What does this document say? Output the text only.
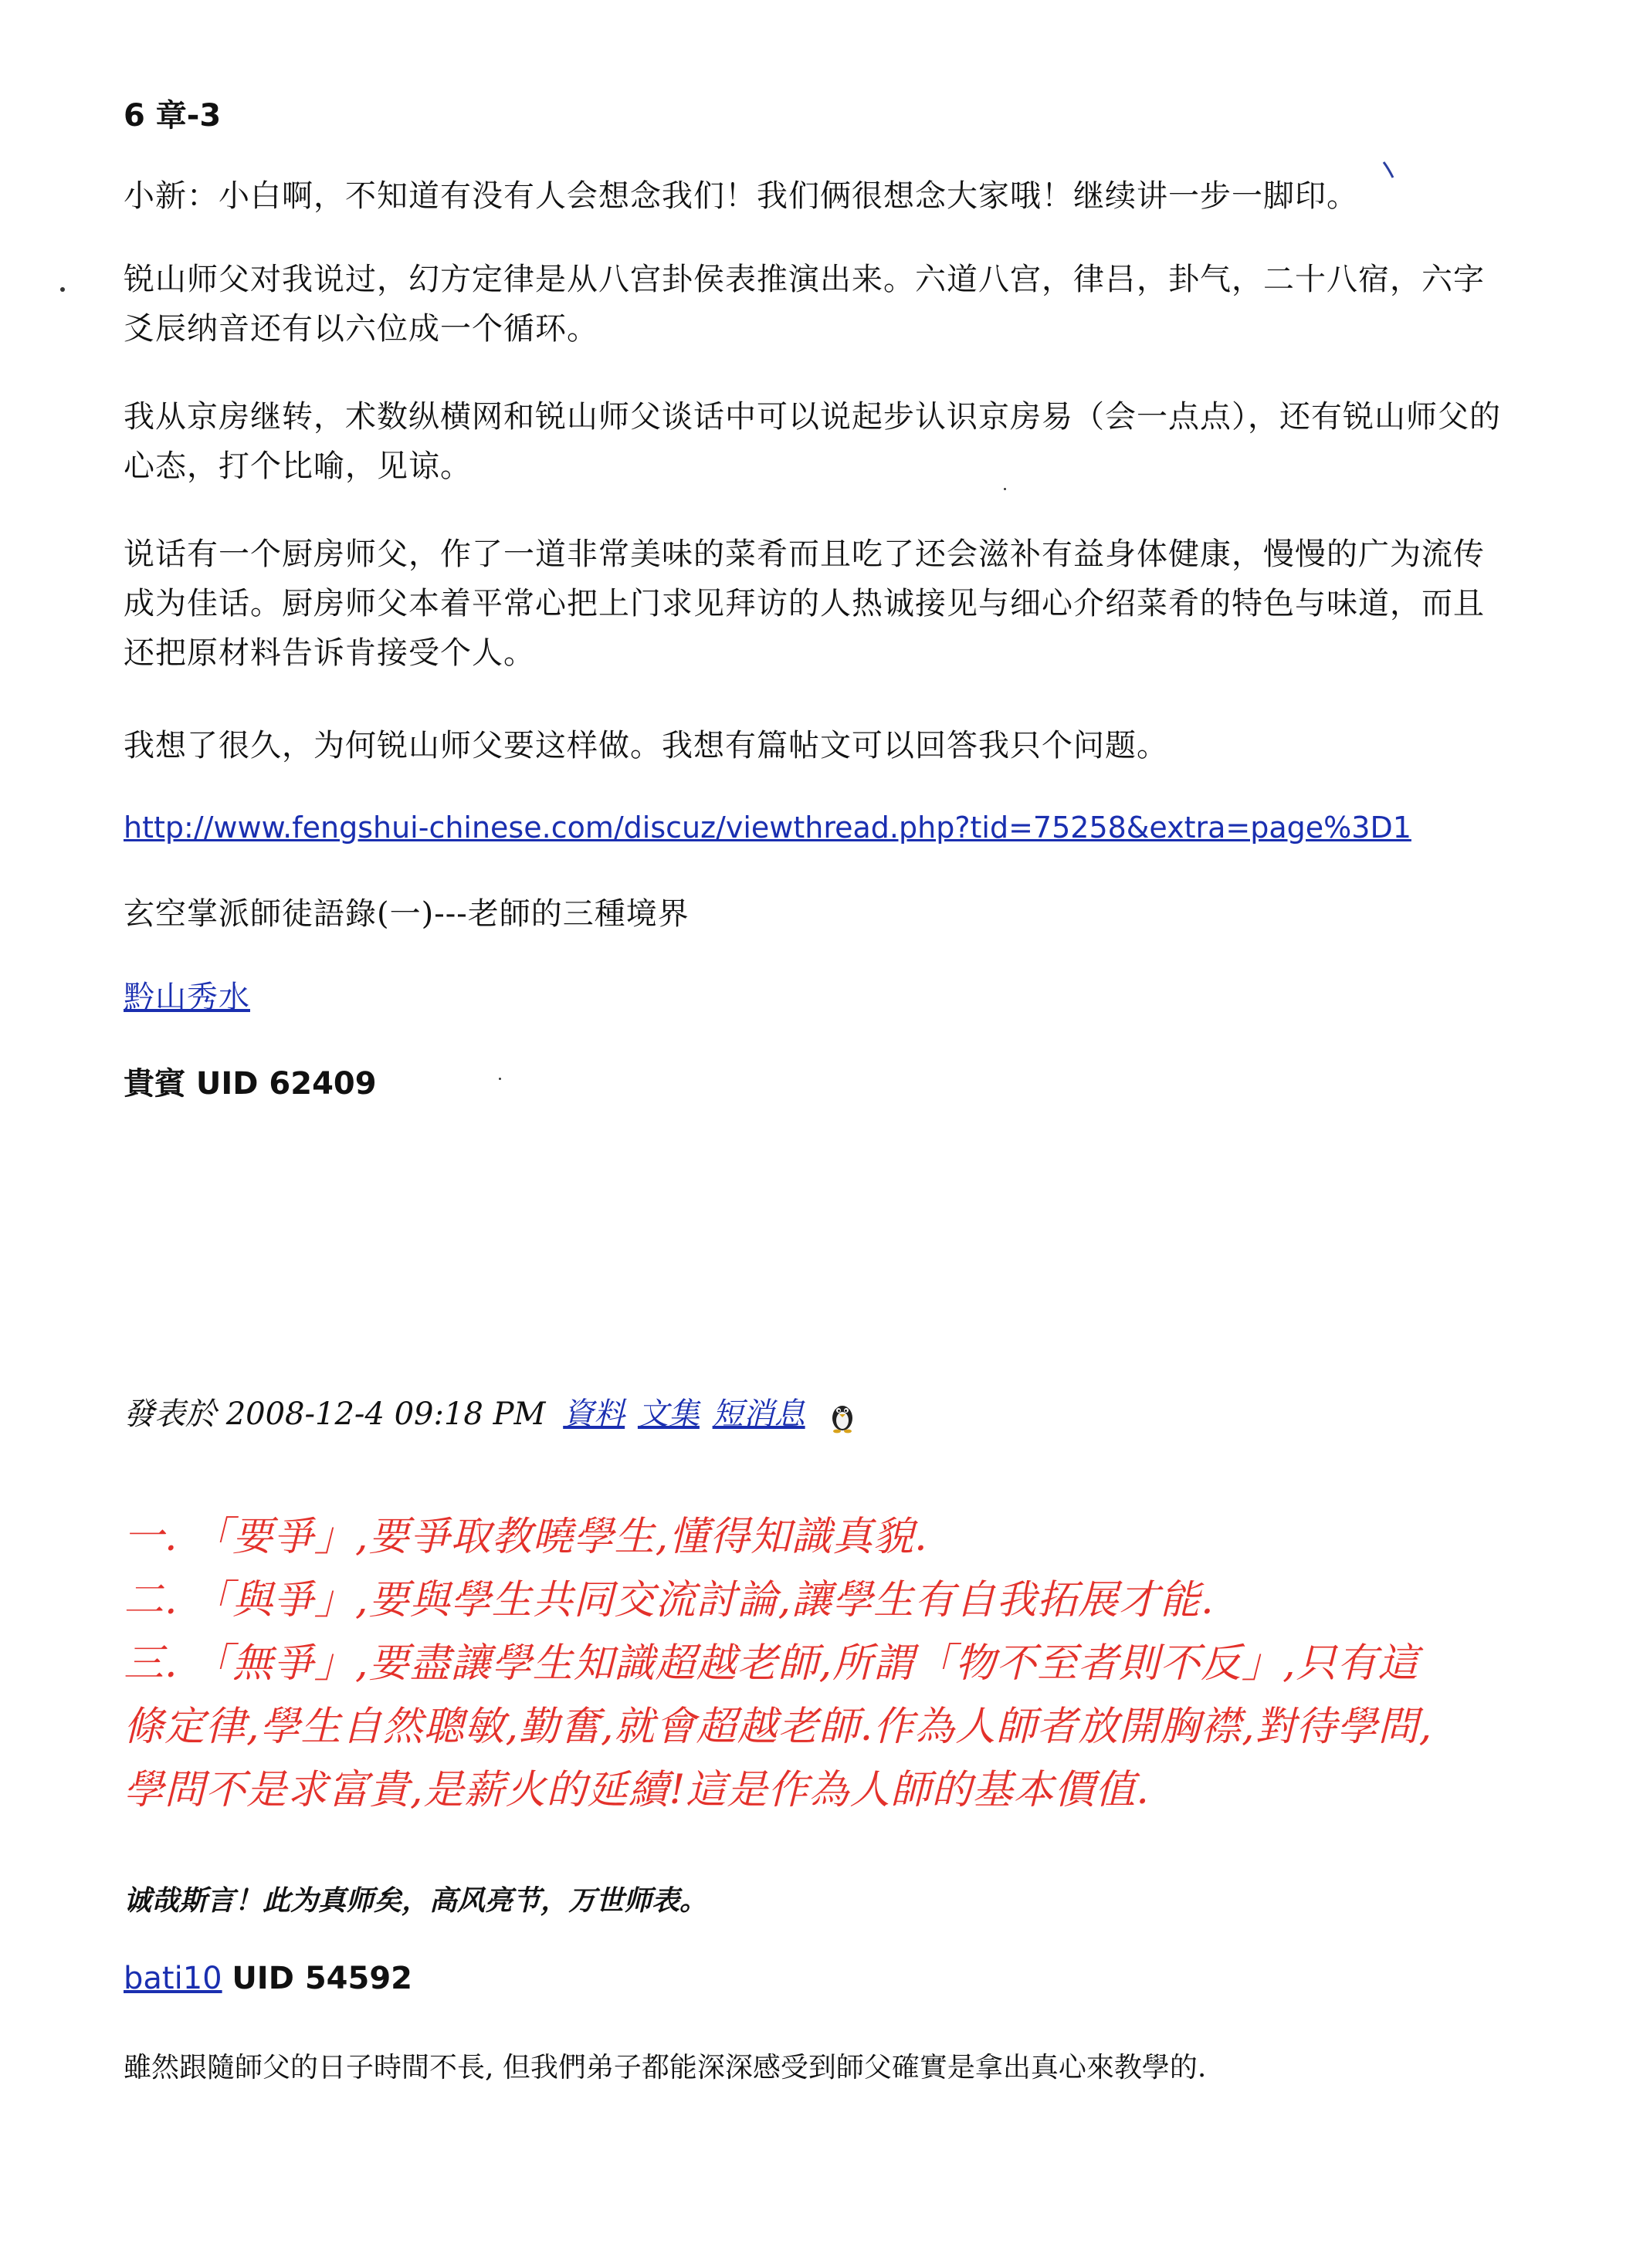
6 章-3
小新：小白啊，不知道有没有人会想念我们！我们俩很想念大家哦！继续讲一步一脚印。
锐山师父对我说过，幻方定律是从八宫卦侯表推演出来。六道八宫，律吕，卦气，二十八宿，六字爻辰纳音还有以六位成一个循环。
我从京房继转，术数纵横网和锐山师父谈话中可以说起步认识京房易（会一点点），还有锐山师父的心态，打个比喻，见谅。
说话有一个厨房师父，作了一道非常美味的菜肴而且吃了还会滋补有益身体健康，慢慢的广为流传成为佳话。厨房师父本着平常心把上门求见拜访的人热诚接见与细心介绍菜肴的特色与味道，而且还把原材料告诉肯接受个人。
我想了很久，为何锐山师父要这样做。我想有篇帖文可以回答我只个问题。
http://www.fengshui-chinese.com/discuz/viewthread.php?tid=75258&extra=page%3D1
玄空掌派師徒語錄(一)---老師的三種境界
黔山秀水
貴賓 UID 62409
發表於 2008-12-4 09:18 PM 資料 文集 短消息

一. 「要爭」,要爭取教曉學生,懂得知識真貌.

二. 「與爭」,要與學生共同交流討論,讓學生有自我拓展才能.

三. 「無爭」,要盡讓學生知識超越老師,所謂「物不至者則不反」,只有這

條定律,學生自然聰敏,勤奮,就會超越老師.作為人師者放開胸襟,對待學問,

學問不是求富貴,是薪火的延續!這是作為人師的基本價值.

诚哉斯言！此为真师矣，高风亮节，万世师表。
bati10 UID 54592
雖然跟隨師父的日子時間不長, 但我們弟子都能深深感受到師父確實是拿出真心來教學的.
